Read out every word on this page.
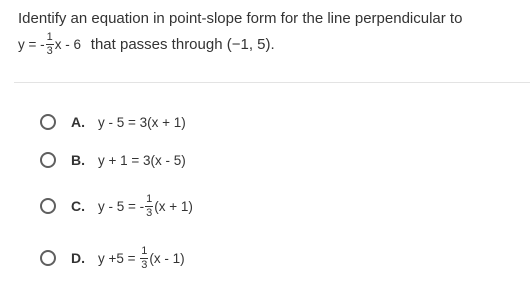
Identify an equation in point-slope form for the line perpendicular to
y = - $\frac{1}{3}$ x - 6 that passes through (−1, 5).
A. y - 5 = 3(x + 1)
B. y + 1 = 3(x - 5)
C. y - 5 = - $\frac{1}{3} (x + 1)$
D. $y +5 = \frac{1}{3} (x - 1)$
